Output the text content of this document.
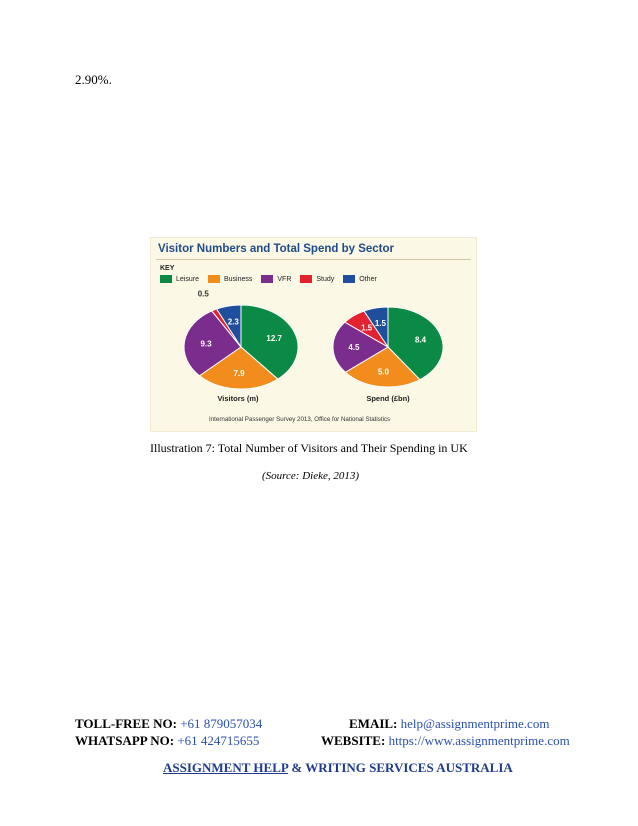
2.90%.
Visitor Numbers and Total Spend by Sector
KEY
Leisure	Business	VFR	Study	Other
12.7
7.9
9.3
0.5
2.3
Visitors (m)
8.4
5.0
4.5
1.5
1.5
Spend (£bn)
International Passenger Survey 2013, Office for National Statistics
Illustration 7: Total Number of Visitors and Their Spending in UK
(Source: Dieke, 2013)
TOLL-FREE NO: +61 879057034
WHATSAPP NO: +61 424715655
EMAIL: help@assignmentprime.com
WEBSITE: https://www.assignmentprime.com
ASSIGNMENT HELP & WRITING SERVICES AUSTRALIA
